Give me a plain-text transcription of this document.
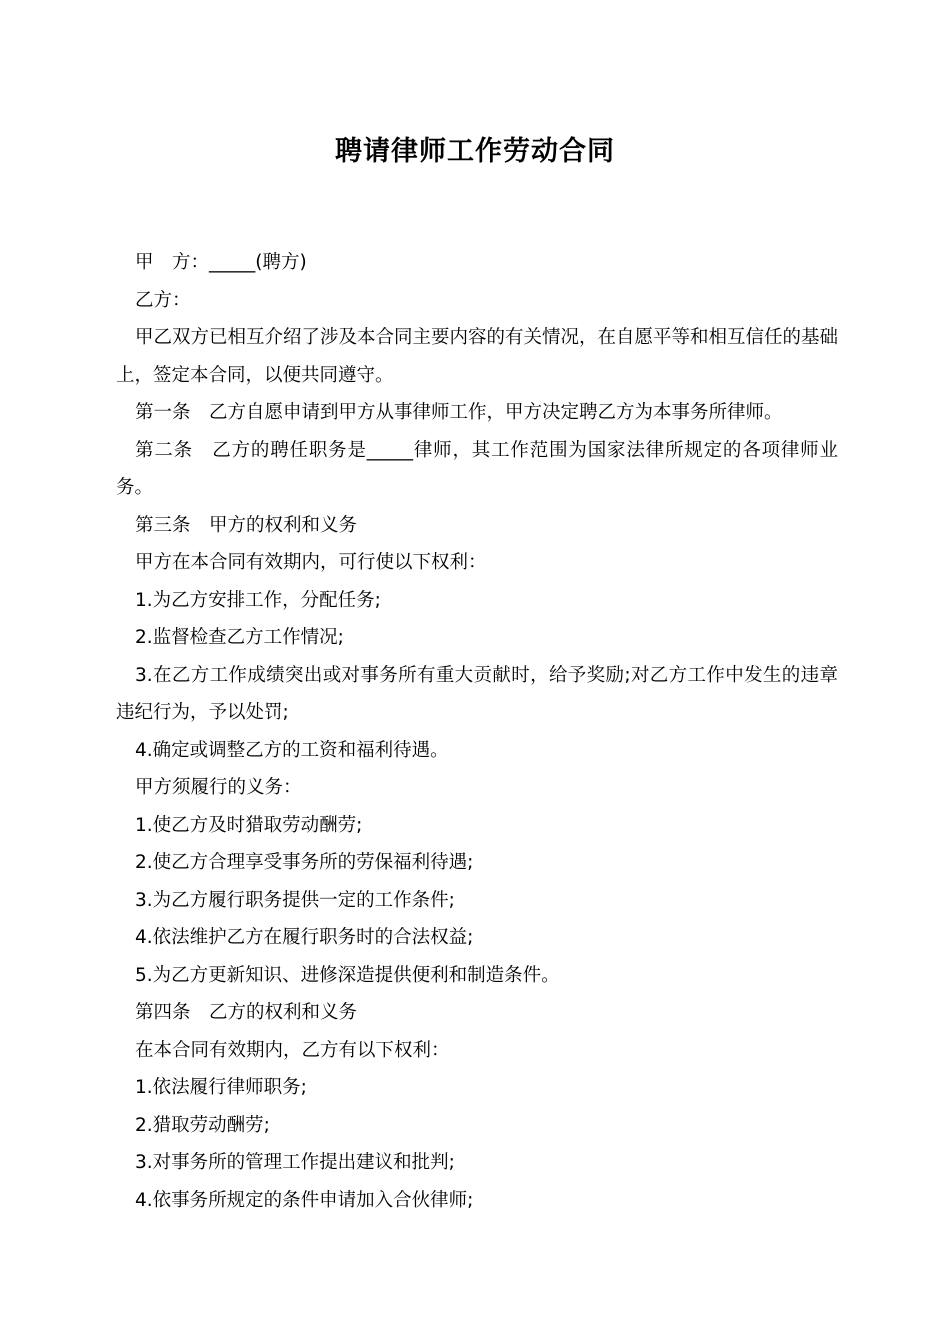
聘请律师工作劳动合同

甲　方：_____(聘方)

乙方：

甲乙双方已相互介绍了涉及本合同主要内容的有关情况，在自愿平等和相互信任的基础上，签定本合同，以便共同遵守。

第一条　乙方自愿申请到甲方从事律师工作，甲方决定聘乙方为本事务所律师。

第二条　乙方的聘任职务是_____律师，其工作范围为国家法律所规定的各项律师业务。

第三条　甲方的权利和义务

甲方在本合同有效期内，可行使以下权利：

1.为乙方安排工作，分配任务;

2.监督检查乙方工作情况;

3.在乙方工作成绩突出或对事务所有重大贡献时，给予奖励;对乙方工作中发生的违章违纪行为，予以处罚;

4.确定或调整乙方的工资和福利待遇。

甲方须履行的义务：

1.使乙方及时猎取劳动酬劳;

2.使乙方合理享受事务所的劳保福利待遇;

3.为乙方履行职务提供一定的工作条件;

4.依法维护乙方在履行职务时的合法权益;

5.为乙方更新知识、进修深造提供便利和制造条件。

第四条　乙方的权利和义务

在本合同有效期内，乙方有以下权利：

1.依法履行律师职务;

2.猎取劳动酬劳;

3.对事务所的管理工作提出建议和批判;

4.依事务所规定的条件申请加入合伙律师;
